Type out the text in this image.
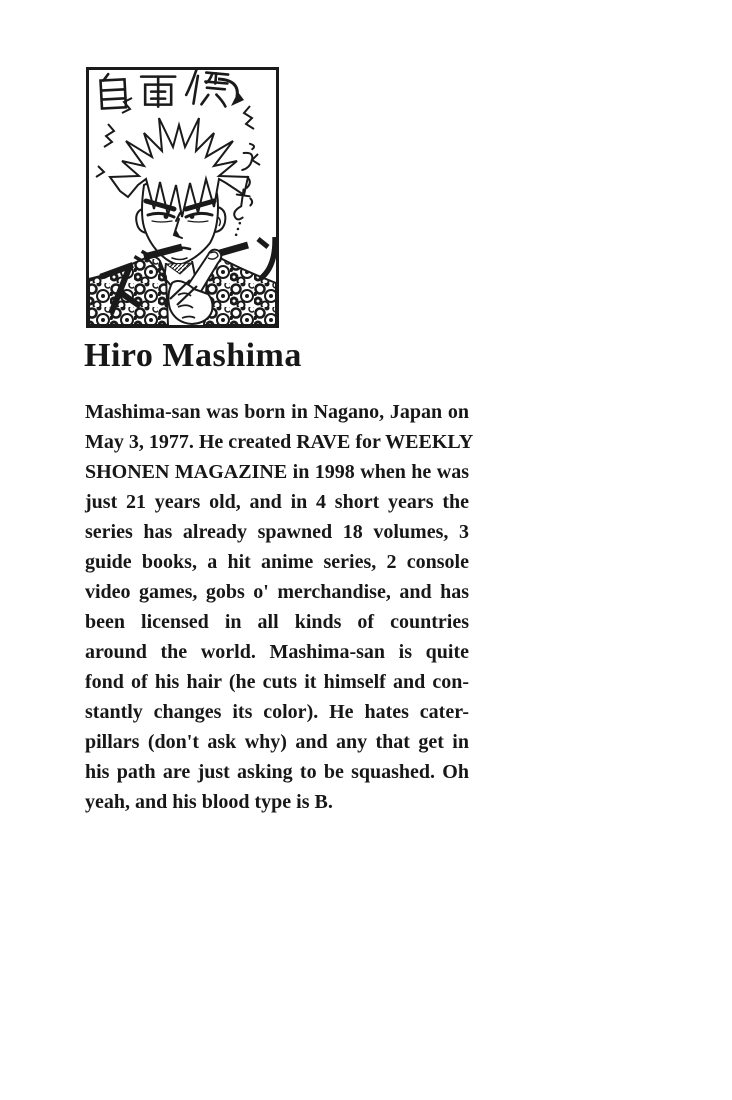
Hiro Mashima
Mashima-san was born in Nagano, Japan on
May 3, 1977. He created RAVE for WEEKLY
SHONEN MAGAZINE in 1998 when he was
just 21 years old, and in 4 short years the
series has already spawned 18 volumes, 3
guide books, a hit anime series, 2 console
video games, gobs o' merchandise, and has
been licensed in all kinds of countries
around the world. Mashima-san is quite
fond of his hair (he cuts it himself and con-
stantly changes its color). He hates cater-
pillars (don't ask why) and any that get in
his path are just asking to be squashed. Oh
yeah, and his blood type is B.
